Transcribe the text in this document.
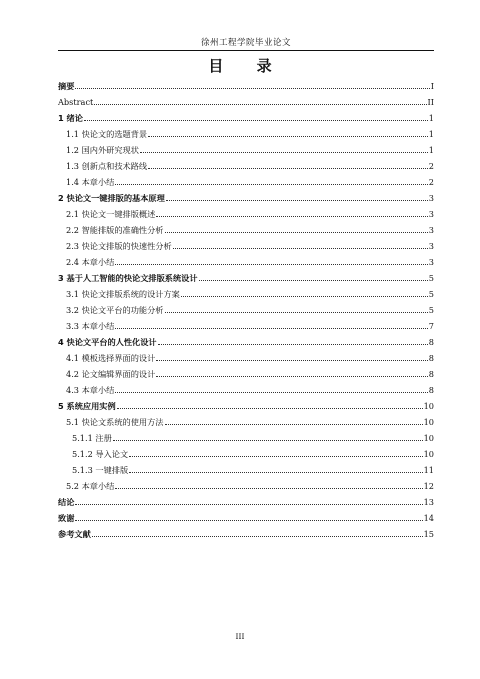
徐州工程学院毕业论文
目 录
摘要	I
Abstract	II
1 绪论	1
1.1 快论文的选题背景	1
1.2 国内外研究现状	1
1.3 创新点和技术路线	2
1.4 本章小结	2
2 快论文一键排版的基本原理	3
2.1 快论文一键排版概述	3
2.2 智能排版的准确性分析	3
2.3 快论文排版的快速性分析	3
2.4 本章小结	3
3 基于人工智能的快论文排版系统设计	5
3.1 快论文排版系统的设计方案	5
3.2 快论文平台的功能分析	5
3.3 本章小结	7
4 快论文平台的人性化设计	8
4.1 模板选择界面的设计	8
4.2 论文编辑界面的设计	8
4.3 本章小结	8
5 系统应用实例	10
5.1 快论文系统的使用方法	10
5.1.1 注册	10
5.1.2 导入论文	10
5.1.3 一键排版	11
5.2 本章小结	12
结论	13
致谢	14
参考文献	15
III
